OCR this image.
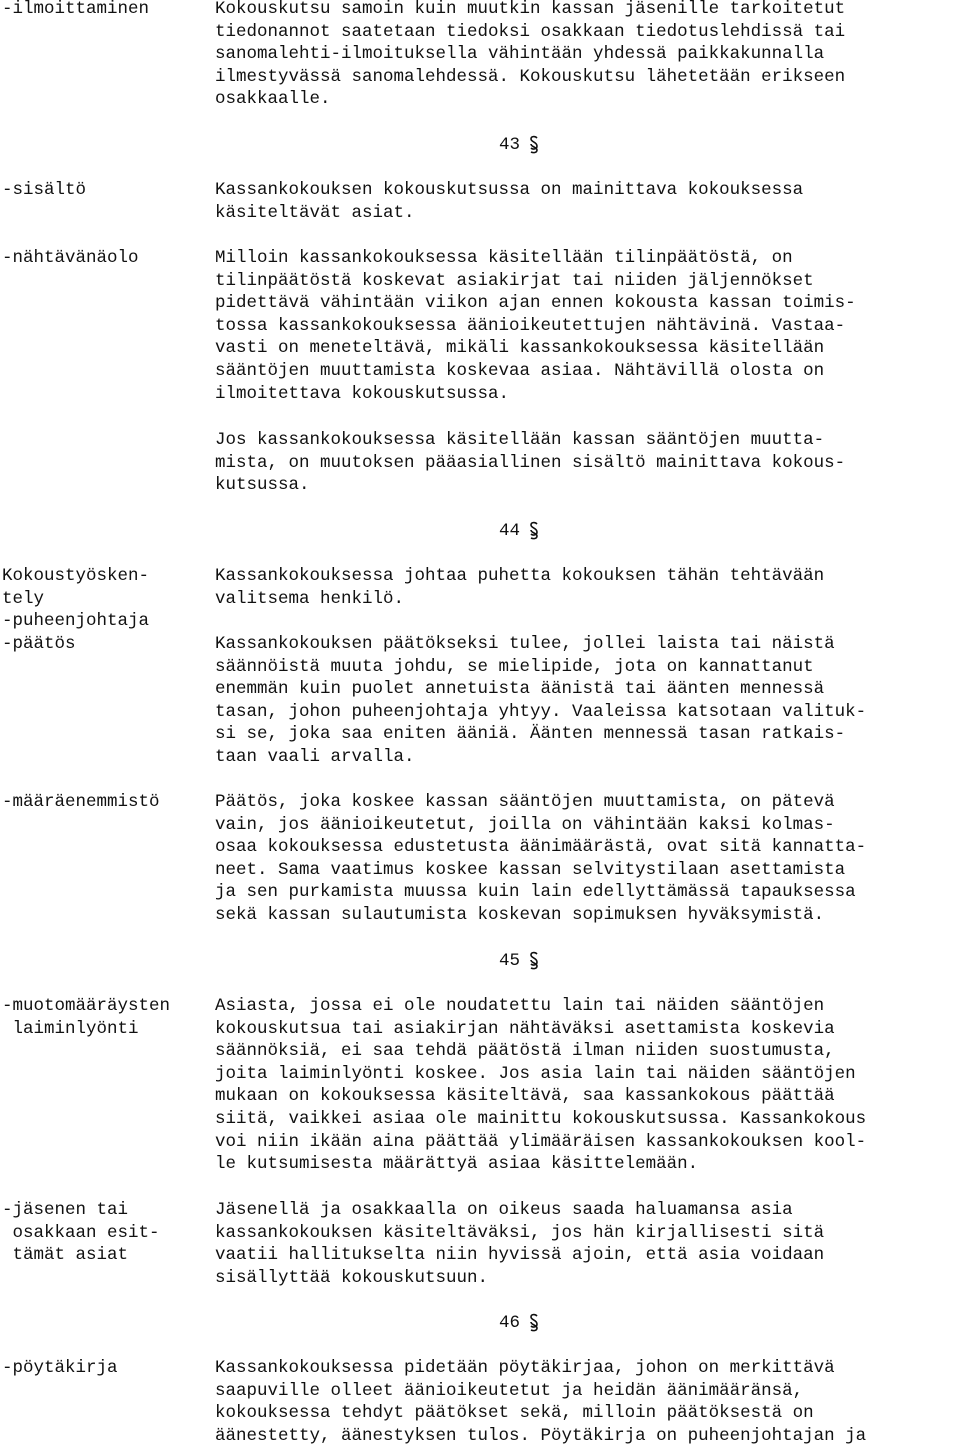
-ilmoittaminen
-sisältö
-nähtävänäolo
Kokoustyösken-
tely
-puheenjohtaja
-päätös
-määräenemmistö
-muotomääräysten
laiminlyönti
-jäsenen tai
osakkaan esit-
tämät asiat
-pöytäkirja
Kokouskutsu samoin kuin muutkin kassan jäsenille tarkoitetut
tiedonannot saatetaan tiedoksi osakkaan tiedotuslehdissä tai
sanomalehti-ilmoituksella vähintään yhdessä paikkakunnalla
ilmestyvässä sanomalehdessä. Kokouskutsu lähetetään erikseen
osakkaalle.
43
Kassankokouksen kokouskutsussa on mainittava kokouksessa
käsiteltävät asiat.
Milloin kassankokouksessa käsitellään tilinpäätöstä, on
tilinpäätöstä koskevat asiakirjat tai niiden jäljennökset
pidettävä vähintään viikon ajan ennen kokousta kassan toimis-
tossa kassankokouksessa äänioikeutettujen nähtävinä. Vastaa-
vasti on meneteltävä, mikäli kassankokouksessa käsitellään
sääntöjen muuttamista koskevaa asiaa. Nähtävillä olosta on
ilmoitettava kokouskutsussa.
Jos kassankokouksessa käsitellään kassan sääntöjen muutta-
mista, on muutoksen pääasiallinen sisältö mainittava kokous-
kutsussa.
44
Kassankokouksessa johtaa puhetta kokouksen tähän tehtävään
valitsema henkilö.
Kassankokouksen päätökseksi tulee, jollei laista tai näistä
säännöistä muuta johdu, se mielipide, jota on kannattanut
enemmän kuin puolet annetuista äänistä tai äänten mennessä
tasan, johon puheenjohtaja yhtyy. Vaaleissa katsotaan valituk-
si se, joka saa eniten ääniä. Äänten mennessä tasan ratkais-
taan vaali arvalla.
Päätös, joka koskee kassan sääntöjen muuttamista, on pätevä
vain, jos äänioikeutetut, joilla on vähintään kaksi kolmas-
osaa kokouksessa edustetusta äänimäärästä, ovat sitä kannatta-
neet. Sama vaatimus koskee kassan selvitystilaan asettamista
ja sen purkamista muussa kuin lain edellyttämässä tapauksessa
sekä kassan sulautumista koskevan sopimuksen hyväksymistä.
45
Asiasta, jossa ei ole noudatettu lain tai näiden sääntöjen
kokouskutsua tai asiakirjan nähtäväksi asettamista koskevia
säännöksiä, ei saa tehdä päätöstä ilman niiden suostumusta,
joita laiminlyönti koskee. Jos asia lain tai näiden sääntöjen
mukaan on kokouksessa käsiteltävä, saa kassankokous päättää
siitä, vaikkei asiaa ole mainittu kokouskutsussa. Kassankokous
voi niin ikään aina päättää ylimääräisen kassankokouksen kool-
le kutsumisesta määrättyä asiaa käsittelemään.
Jäsenellä ja osakkaalla on oikeus saada haluamansa asia
kassankokouksen käsiteltäväksi, jos hän kirjallisesti sitä
vaatii hallitukselta niin hyvissä ajoin, että asia voidaan
sisällyttää kokouskutsuun.
46
Kassankokouksessa pidetään pöytäkirjaa, johon on merkittävä
saapuville olleet äänioikeutetut ja heidän äänimääränsä,
kokouksessa tehdyt päätökset sekä, milloin päätöksestä on
äänestetty, äänestyksen tulos. Pöytäkirja on puheenjohtajan ja
